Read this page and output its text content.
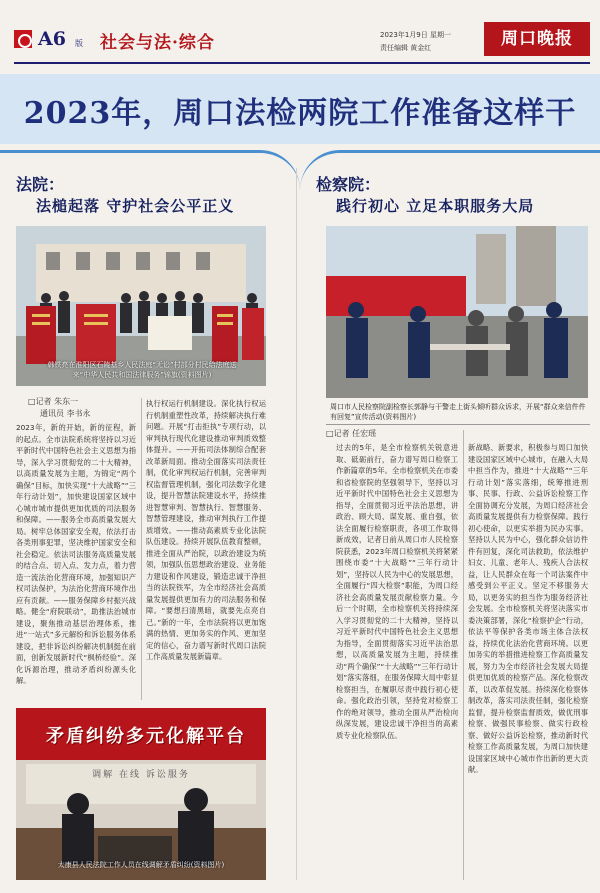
A6 版 社会与法·综合	2023年1月9日 星期一
责任编辑 黄金红	周口晚报
2023年，周口法检两院工作准备这样干
法院：
法槌起落 守护社会公平正义
韩铁亮在淮阳区石陵基乡人民法庭“无讼”村部分村民给法庭送来“中华人民共和国法律服务”锦旗(资料图片)
□记者 朱东一
通讯员 李书永
2023年，新的开始，新的征程，新的起点。全市法院系统将坚持以习近平新时代中国特色社会主义思想为指导，深入学习贯彻党的二十大精神，以高质量发展为主题，为锦定“两个确保”目标，加快实现“十大战略”“三年行动计划”，加快建设国家区域中心城市城市提供更加优质的司法服务和保障。——服务全市高质量发展大局。树牢总体国家安全观，依法打击各类刑事犯罪，坚决维护国家安全和社会稳定。依法司法服务高质量发展的结合点、切入点、发力点，着力营造一流法治化营商环境，加强知识产权司法保护，为法治化营商环境作出应有贡献。——服务保障乡村振兴战略。健全“府院联动”，助推法治城市建设，聚焦推动基层治理体系，推进“一站式”多元解纷和诉讼服务体系建设，把非诉讼纠纷解决机制挺在前面，创新发展新时代“枫桥经验”。深化诉源治理，推动矛盾纠纷源头化解。
执行权运行机制建设。深化执行权运行机制重塑性改革，持续解决执行难问题。开展“打击拒执”专项行动，以审判执行现代化建设推动审判质效整体提升。——开拓司法体制综合配套改革新局面。推动全面落实司法责任制，优化审判权运行机制，完善审判权监督管理机制，强化司法数字化建设，提升智慧法院建设水平，持续推进智慧审判、智慧执行、智慧服务、智慧管理建设，推动审判执行工作提质增效。——推动高素质专业化法院队伍建设。持续开展队伍教育整顿，推进全面从严治院，以政治建设为统领，加强队伍思想政治建设、业务能力建设和作风建设，锻造忠诚干净担当的法院铁军，为全市经济社会高质量发展提供更加有力的司法服务和保障。“要想扫清黑暗，就要先点亮自己。”新的一年，全市法院将以更加饱满的热情、更加务实的作风、更加坚定的信心，奋力谱写新时代周口法院工作高质量发展新篇章。
调解 在线 诉讼服务
太康县人民法院工作人员在线调解矛盾纠纷(资料图片)
矛盾纠纷多元化解平台
检察院：
践行初心 立足本职服务大局
周口市人民检察院副检察长郭静与干警走上街头倾听群众诉求，开展“群众来信件件有回复”宣传活动(资料图片)
□记者 任宏瑶
过去的5年，是全市检察机关锐意进取、砥砺前行，奋力谱写周口检察工作新篇章的5年。全市检察机关在市委和省检察院的坚强领导下，坚持以习近平新时代中国特色社会主义思想为指导，全面贯彻习近平法治思想，讲政治、顾大局、谋发展、重自强，依法全面履行检察职责，各项工作取得新成效，记者日前从周口市人民检察院获悉，2023年周口检察机关将紧紧围绕市委“十大战略”“三年行动计划”，坚持以人民为中心的发展思想，全面履行“四大检察”职能，为周口经济社会高质量发展贡献检察力量。今后一个时期，全市检察机关将持续深入学习贯彻党的二十大精神，坚持以习近平新时代中国特色社会主义思想为指导，全面贯彻落实习近平法治思想，以高质量发展为主题，持续推动“两个确保”“十大战略”“三年行动计划”落实落细，在服务保障大局中彰显检察担当，在履职尽责中践行初心使命。强化政治引领，坚持党对检察工作的绝对领导，推动全面从严治检向纵深发展，建设忠诚干净担当的高素质专业化检察队伍。
新战略、新要求，积极参与周口加快建设国家区域中心城市，在融入大局中担当作为，推进“十大战略”“三年行动计划”落实落细，统筹推进刑事、民事、行政、公益诉讼检察工作全面协调充分发展，为周口经济社会高质量发展提供有力检察保障。践行初心使命，以更实举措为民办实事。坚持以人民为中心，强化群众信访件件有回复，深化司法救助，依法维护妇女、儿童、老年人、残疾人合法权益，让人民群众在每一个司法案件中感受到公平正义。坚定不移服务大局，以更务实的担当作为服务经济社会发展。全市检察机关将坚决落实市委决策部署，深化“检察护企”行动，依法平等保护各类市场主体合法权益，持续优化法治化营商环境。以更加务实的举措推进检察工作高质量发展，努力为全市经济社会发展大局提供更加优质的检察产品。深化检察改革，以改革促发展。持续深化检察体制改革，落实司法责任制，强化检察监督，提升检察监督质效，做优刑事检察、做强民事检察、做实行政检察、做好公益诉讼检察，推动新时代检察工作高质量发展，为周口加快建设国家区域中心城市作出新的更大贡献。
